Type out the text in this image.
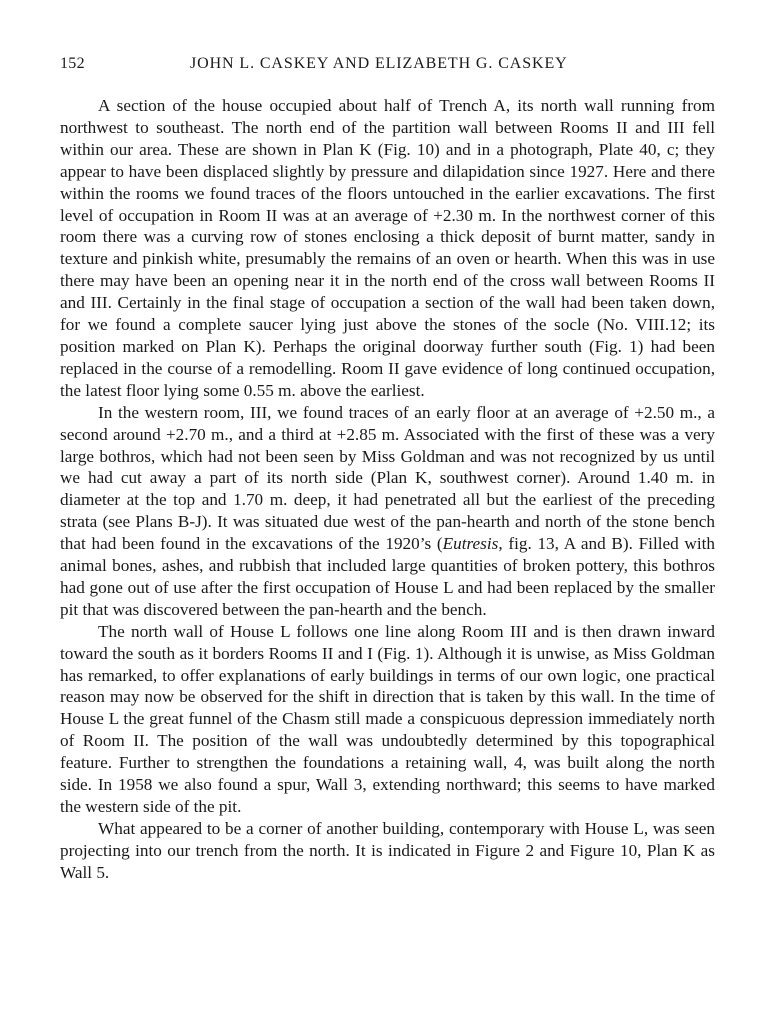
152	JOHN L. CASKEY AND ELIZABETH G. CASKEY

A section of the house occupied about half of Trench A, its north wall running from northwest to southeast. The north end of the partition wall between Rooms II and III fell within our area. These are shown in Plan K (Fig. 10) and in a photograph, Plate 40, c; they appear to have been displaced slightly by pressure and dilapidation since 1927. Here and there within the rooms we found traces of the floors untouched in the earlier excavations. The first level of occupation in Room II was at an average of +2.30 m. In the northwest corner of this room there was a curving row of stones enclosing a thick deposit of burnt matter, sandy in texture and pinkish white, presumably the remains of an oven or hearth. When this was in use there may have been an opening near it in the north end of the cross wall between Rooms II and III. Certainly in the final stage of occupation a section of the wall had been taken down, for we found a complete saucer lying just above the stones of the socle (No. VIII.12; its position marked on Plan K). Perhaps the original doorway further south (Fig. 1) had been replaced in the course of a remodelling. Room II gave evidence of long continued occupation, the latest floor lying some 0.55 m. above the earliest.

In the western room, III, we found traces of an early floor at an average of +2.50 m., a second around +2.70 m., and a third at +2.85 m. Associated with the first of these was a very large bothros, which had not been seen by Miss Goldman and was not recognized by us until we had cut away a part of its north side (Plan K, southwest corner). Around 1.40 m. in diameter at the top and 1.70 m. deep, it had penetrated all but the earliest of the preceding strata (see Plans B-J). It was situated due west of the pan-hearth and north of the stone bench that had been found in the excavations of the 1920’s (Eutresis, fig. 13, A and B). Filled with animal bones, ashes, and rubbish that included large quantities of broken pottery, this bothros had gone out of use after the first occupation of House L and had been replaced by the smaller pit that was discovered between the pan-hearth and the bench.

The north wall of House L follows one line along Room III and is then drawn inward toward the south as it borders Rooms II and I (Fig. 1). Although it is unwise, as Miss Goldman has remarked, to offer explanations of early buildings in terms of our own logic, one practical reason may now be observed for the shift in direction that is taken by this wall. In the time of House L the great funnel of the Chasm still made a conspicuous depression immediately north of Room II. The position of the wall was undoubtedly determined by this topographical feature. Further to strengthen the foundations a retaining wall, 4, was built along the north side. In 1958 we also found a spur, Wall 3, extending northward; this seems to have marked the western side of the pit.

What appeared to be a corner of another building, contemporary with House L, was seen projecting into our trench from the north. It is indicated in Figure 2 and Figure 10, Plan K as Wall 5.
